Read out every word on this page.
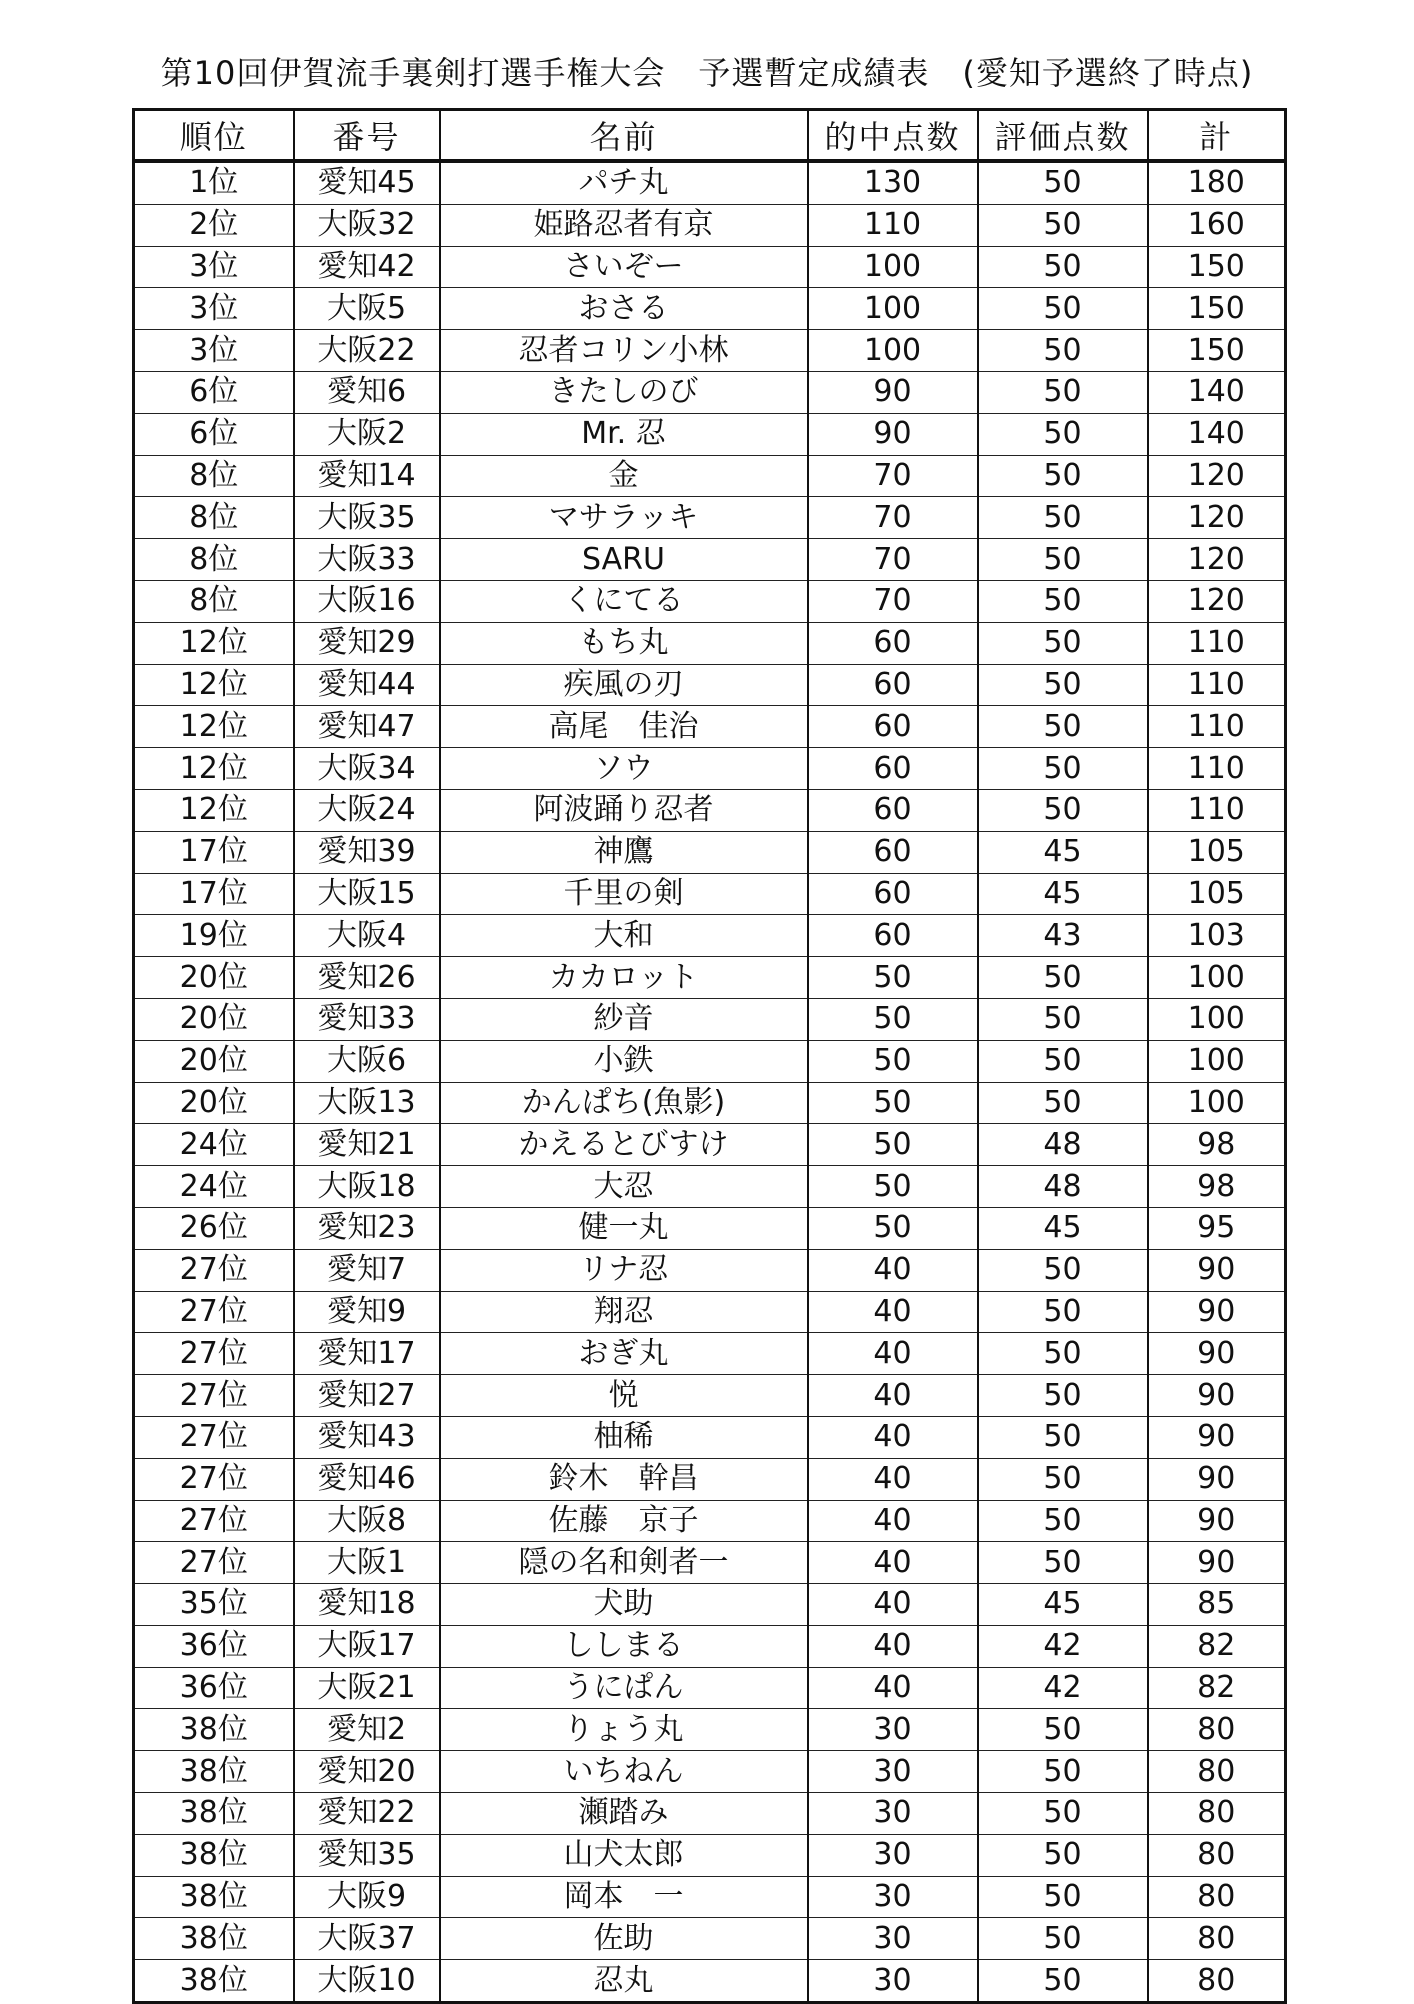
第10回伊賀流手裏剣打選手権大会　予選暫定成績表　(愛知予選終了時点)
順位	番号	名前	的中点数	評価点数	計
1位	愛知45	パチ丸	130	50	180
2位	大阪32	姫路忍者有京	110	50	160
3位	愛知42	さいぞー	100	50	150
3位	大阪5	おさる	100	50	150
3位	大阪22	忍者コリン小林	100	50	150
6位	愛知6	きたしのび	90	50	140
6位	大阪2	Mr. 忍	90	50	140
8位	愛知14	金	70	50	120
8位	大阪35	マサラッキ	70	50	120
8位	大阪33	SARU	70	50	120
8位	大阪16	くにてる	70	50	120
12位	愛知29	もち丸	60	50	110
12位	愛知44	疾風の刃	60	50	110
12位	愛知47	高尾　佳治	60	50	110
12位	大阪34	ソウ	60	50	110
12位	大阪24	阿波踊り忍者	60	50	110
17位	愛知39	神鷹	60	45	105
17位	大阪15	千里の剣	60	45	105
19位	大阪4	大和	60	43	103
20位	愛知26	カカロット	50	50	100
20位	愛知33	紗音	50	50	100
20位	大阪6	小鉄	50	50	100
20位	大阪13	かんぱち(魚影)	50	50	100
24位	愛知21	かえるとびすけ	50	48	98
24位	大阪18	大忍	50	48	98
26位	愛知23	健一丸	50	45	95
27位	愛知7	リナ忍	40	50	90
27位	愛知9	翔忍	40	50	90
27位	愛知17	おぎ丸	40	50	90
27位	愛知27	悦	40	50	90
27位	愛知43	柚稀	40	50	90
27位	愛知46	鈴木　幹昌	40	50	90
27位	大阪8	佐藤　京子	40	50	90
27位	大阪1	隠の名和剣者一	40	50	90
35位	愛知18	犬助	40	45	85
36位	大阪17	ししまる	40	42	82
36位	大阪21	うにぱん	40	42	82
38位	愛知2	りょう丸	30	50	80
38位	愛知20	いちねん	30	50	80
38位	愛知22	瀬踏み	30	50	80
38位	愛知35	山犬太郎	30	50	80
38位	大阪9	岡本　一	30	50	80
38位	大阪37	佐助	30	50	80
38位	大阪10	忍丸	30	50	80
